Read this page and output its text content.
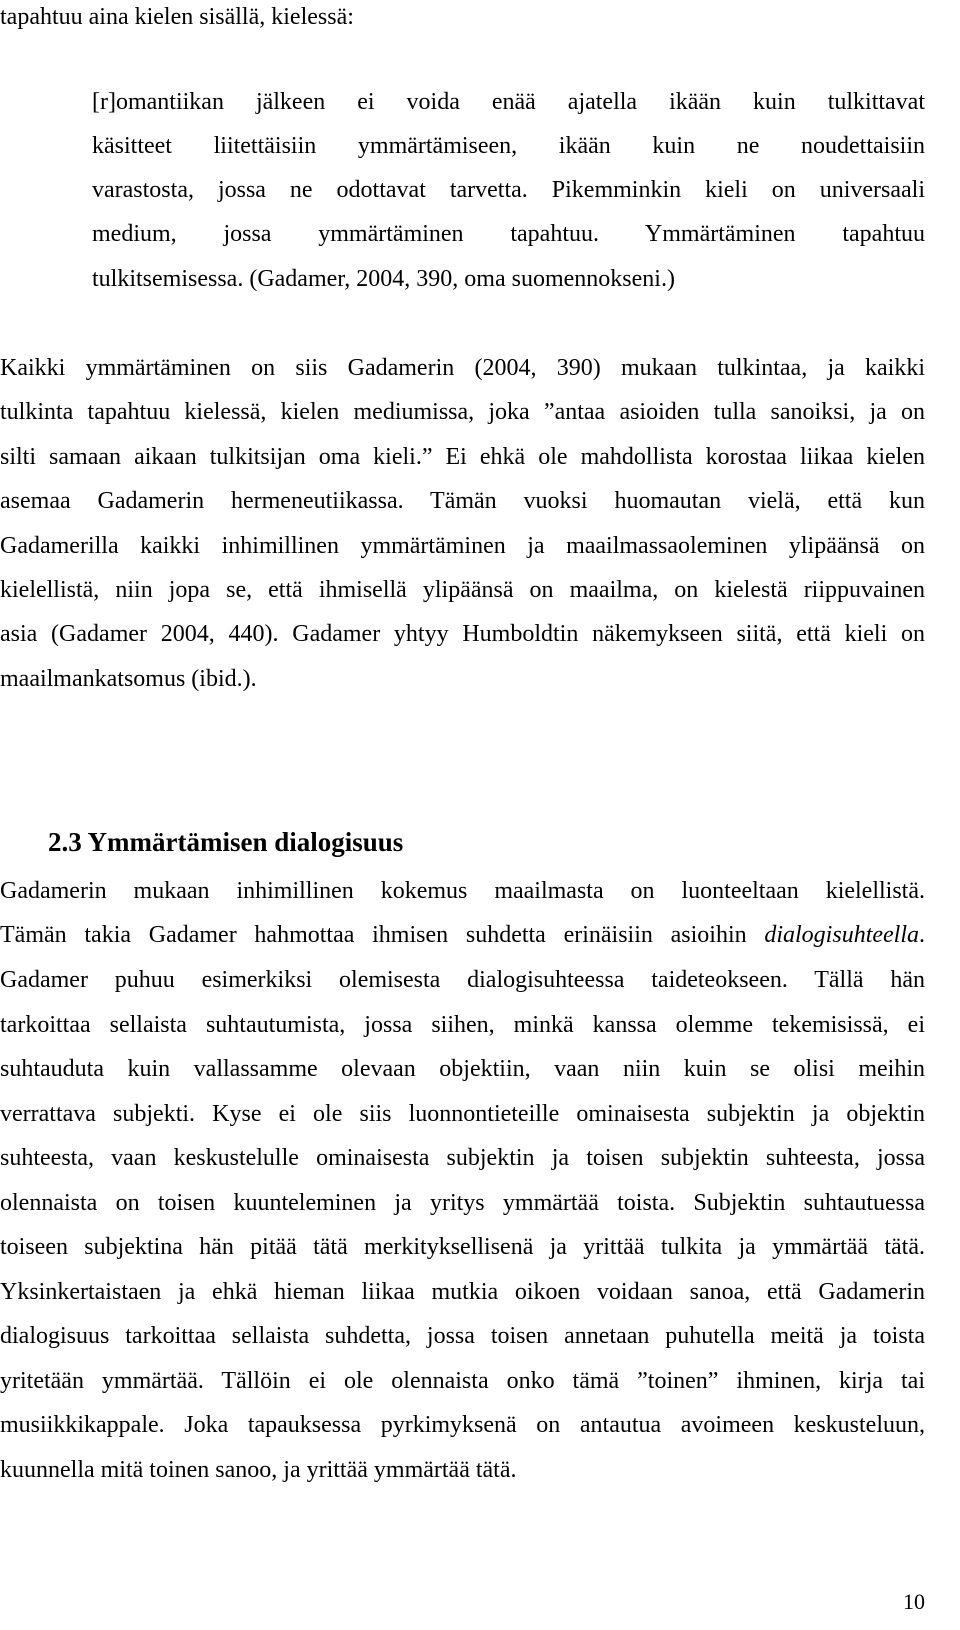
tapahtuu aina kielen sisällä, kielessä:
[r]omantiikan jälkeen ei voida enää ajatella ikään kuin tulkittavat
käsitteet liitettäisiin ymmärtämiseen, ikään kuin ne noudettaisiin
varastosta, jossa ne odottavat tarvetta. Pikemminkin kieli on universaali
medium, jossa ymmärtäminen tapahtuu. Ymmärtäminen tapahtuu
tulkitsemisessa. (Gadamer, 2004, 390, oma suomennokseni.)
Kaikki ymmärtäminen on siis Gadamerin (2004, 390) mukaan tulkintaa, ja kaikki
tulkinta tapahtuu kielessä, kielen mediumissa, joka ”antaa asioiden tulla sanoiksi, ja on
silti samaan aikaan tulkitsijan oma kieli.” Ei ehkä ole mahdollista korostaa liikaa kielen
asemaa Gadamerin hermeneutiikassa. Tämän vuoksi huomautan vielä, että kun
Gadamerilla kaikki inhimillinen ymmärtäminen ja maailmassaoleminen ylipäänsä on
kielellistä, niin jopa se, että ihmisellä ylipäänsä on maailma, on kielestä riippuvainen
asia (Gadamer 2004, 440). Gadamer yhtyy Humboldtin näkemykseen siitä, että kieli on
maailmankatsomus (ibid.).
2.3 Ymmärtämisen dialogisuus
Gadamerin mukaan inhimillinen kokemus maailmasta on luonteeltaan kielellistä.
Tämän takia Gadamer hahmottaa ihmisen suhdetta erinäisiin asioihin dialogisuhteella.
Gadamer puhuu esimerkiksi olemisesta dialogisuhteessa taideteokseen. Tällä hän
tarkoittaa sellaista suhtautumista, jossa siihen, minkä kanssa olemme tekemisissä, ei
suhtauduta kuin vallassamme olevaan objektiin, vaan niin kuin se olisi meihin
verrattava subjekti. Kyse ei ole siis luonnontieteille ominaisesta subjektin ja objektin
suhteesta, vaan keskustelulle ominaisesta subjektin ja toisen subjektin suhteesta, jossa
olennaista on toisen kuunteleminen ja yritys ymmärtää toista. Subjektin suhtautuessa
toiseen subjektina hän pitää tätä merkityksellisenä ja yrittää tulkita ja ymmärtää tätä.
Yksinkertaistaen ja ehkä hieman liikaa mutkia oikoen voidaan sanoa, että Gadamerin
dialogisuus tarkoittaa sellaista suhdetta, jossa toisen annetaan puhutella meitä ja toista
yritetään ymmärtää. Tällöin ei ole olennaista onko tämä ”toinen” ihminen, kirja tai
musiikkikappale. Joka tapauksessa pyrkimyksenä on antautua avoimeen keskusteluun,
kuunnella mitä toinen sanoo, ja yrittää ymmärtää tätä.
10
